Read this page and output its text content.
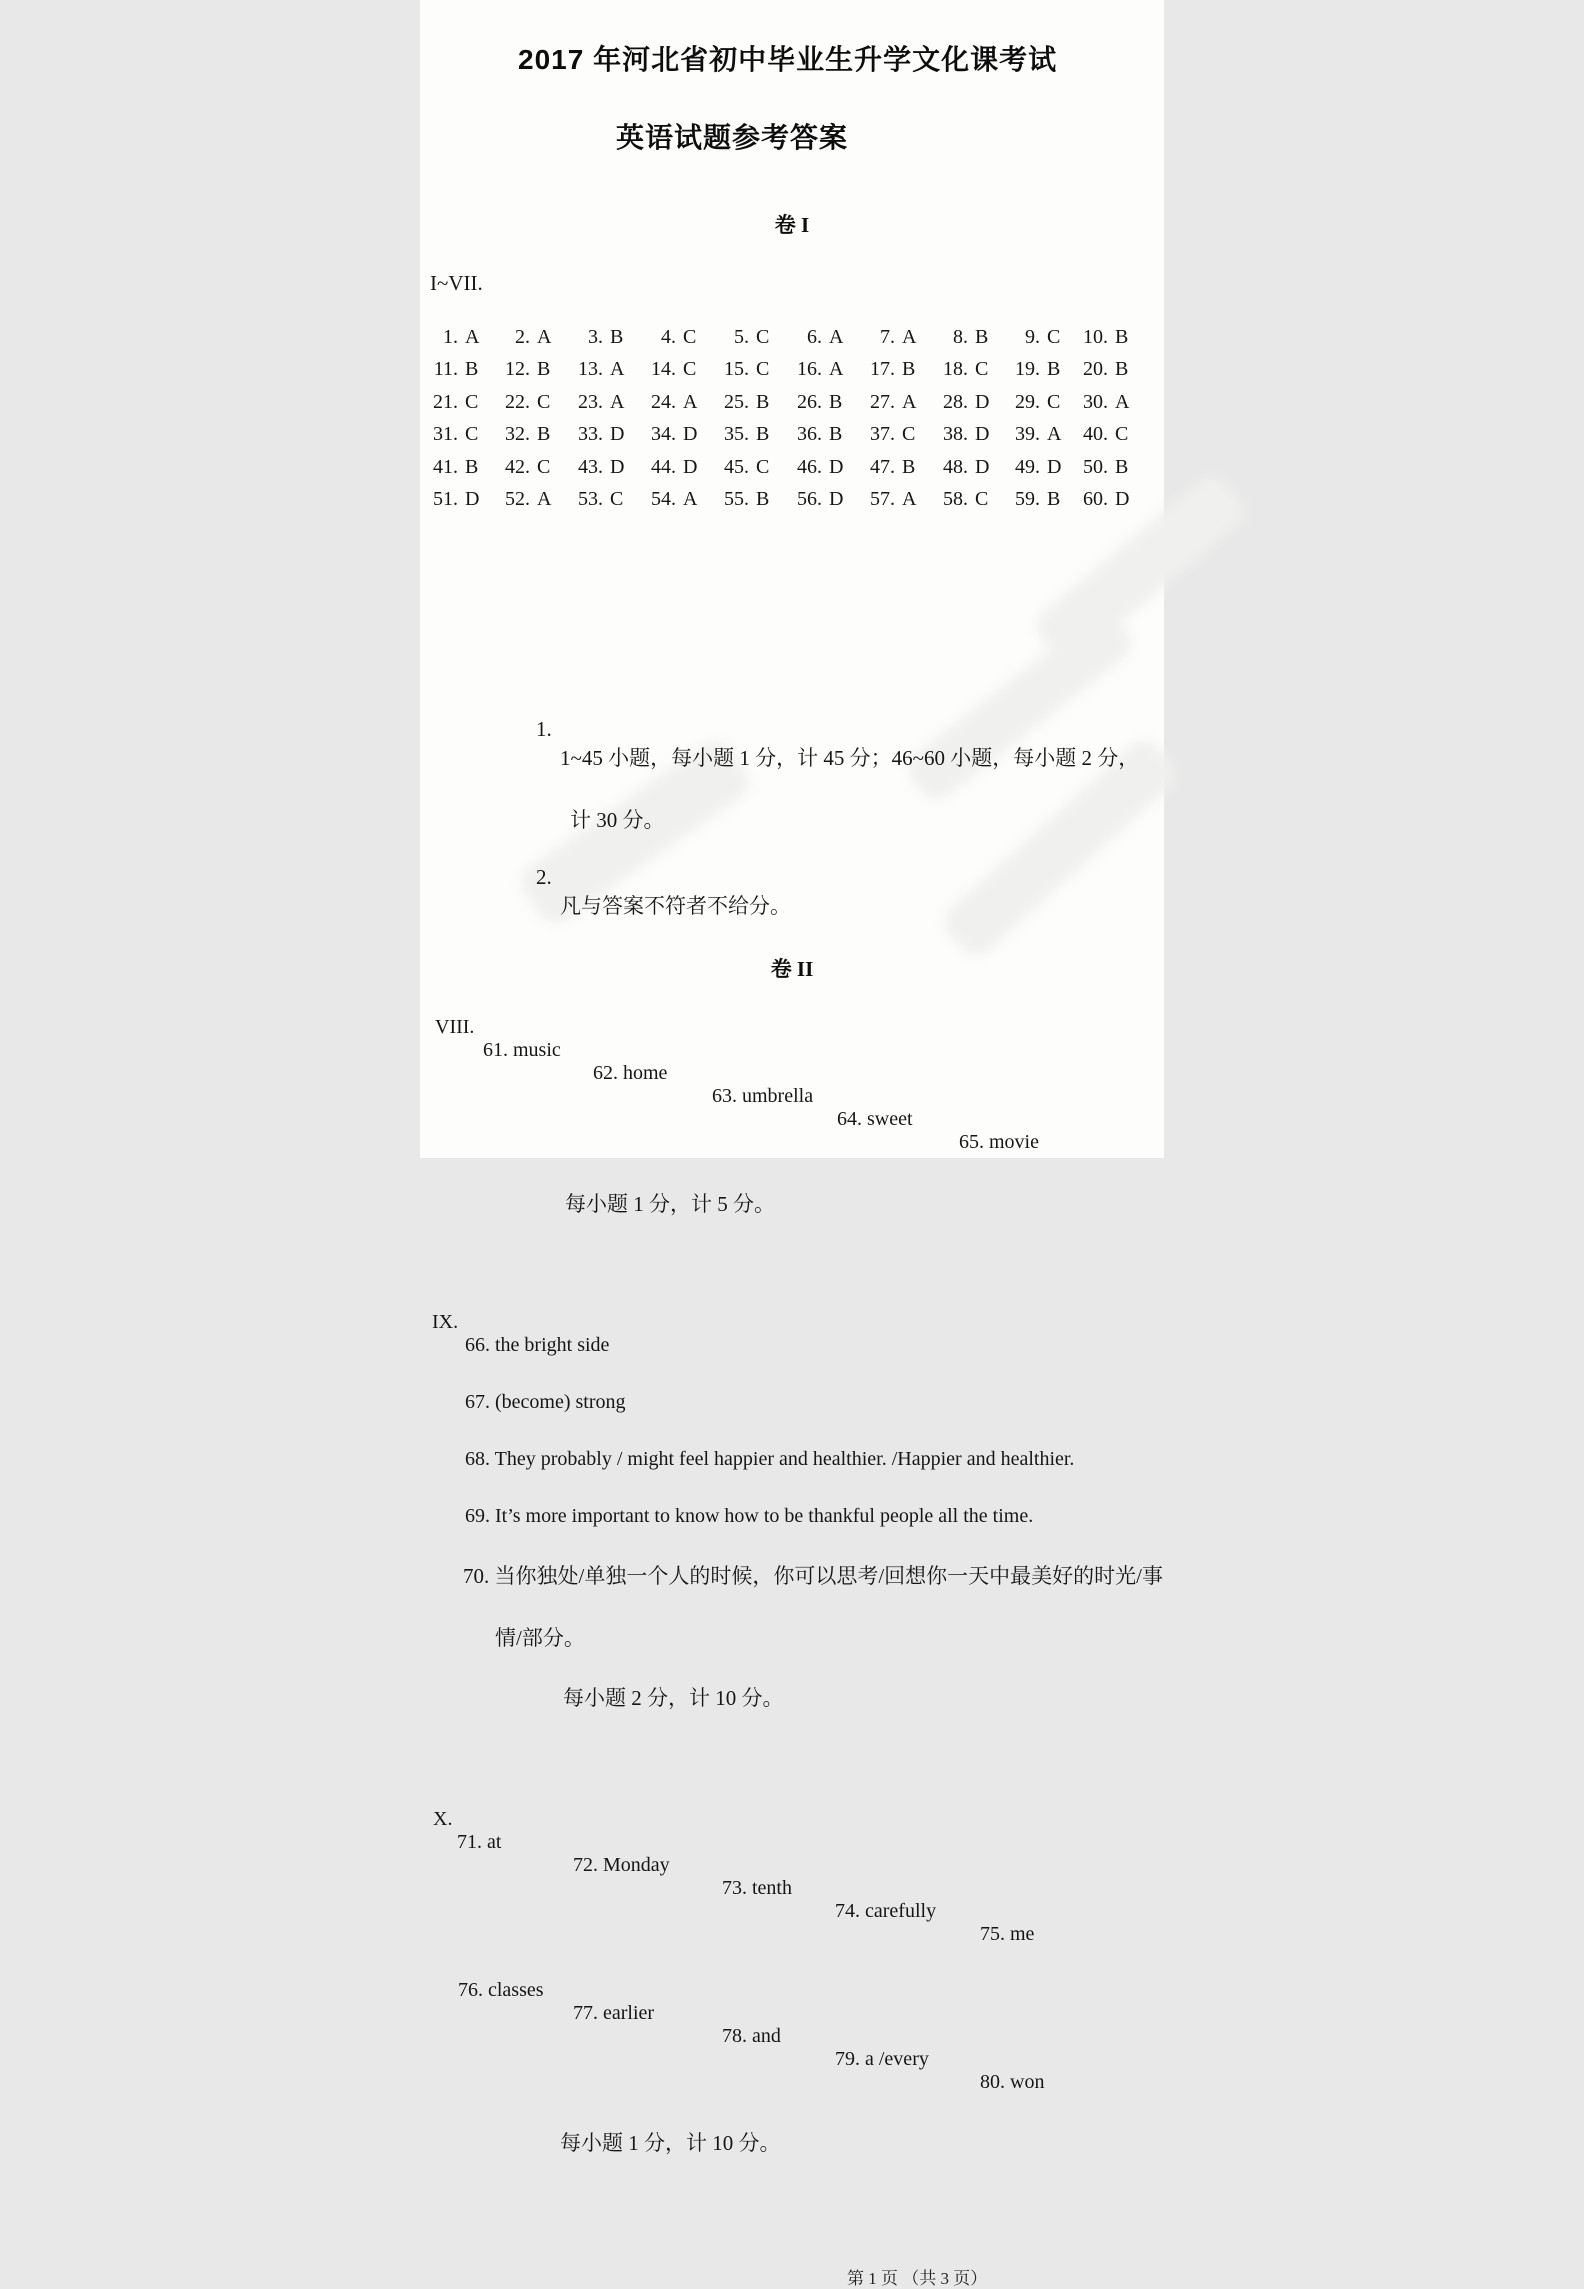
2017 年河北省初中毕业生升学文化课考试
英语试题参考答案
卷 I
I~VII.
1. A	2. A	3. B	4. C	5. C	6. A	7. A	8. B	9. C 10. B
11. B 12. B 13. A 14. C 15. C 16. A 17. B 18. C 19. B 20. B
21. C 22. C 23. A 24. A 25. B 26. B 27. A 28. D 29. C 30. A
31. C 32. B 33. D 34. D 35. B 36. B 37. C 38. D 39. A 40. C
41. B 42. C 43. D 44. D 45. C 46. D 47. B 48. D 49. D 50. B
51. D 52. A 53. C 54. A 55. B 56. D 57. A 58. C 59. B 60. D
1.
1~45 小题，每小题 1 分，计 45 分；46~60 小题，每小题 2 分，
计 30 分。
2.
凡与答案不符者不给分。
卷 II
VIII.
61. music
62. home
63. umbrella
64. sweet
65. movie
每小题 1 分，计 5 分。
IX.
66. the bright side
67. (become) strong
68. They probably / might feel happier and healthier. /Happier and healthier.
69. It’s more important to know how to be thankful people all the time.
70. 当你独处/单独一个人的时候，你可以思考/回想你一天中最美好的时光/事
情/部分。
每小题 2 分，计 10 分。
X.
71. at
72. Monday
73. tenth
74. carefully
75. me
76. classes
77. earlier
78. and
79. a /every
80. won
每小题 1 分，计 10 分。
第 1 页 （共 3 页）
